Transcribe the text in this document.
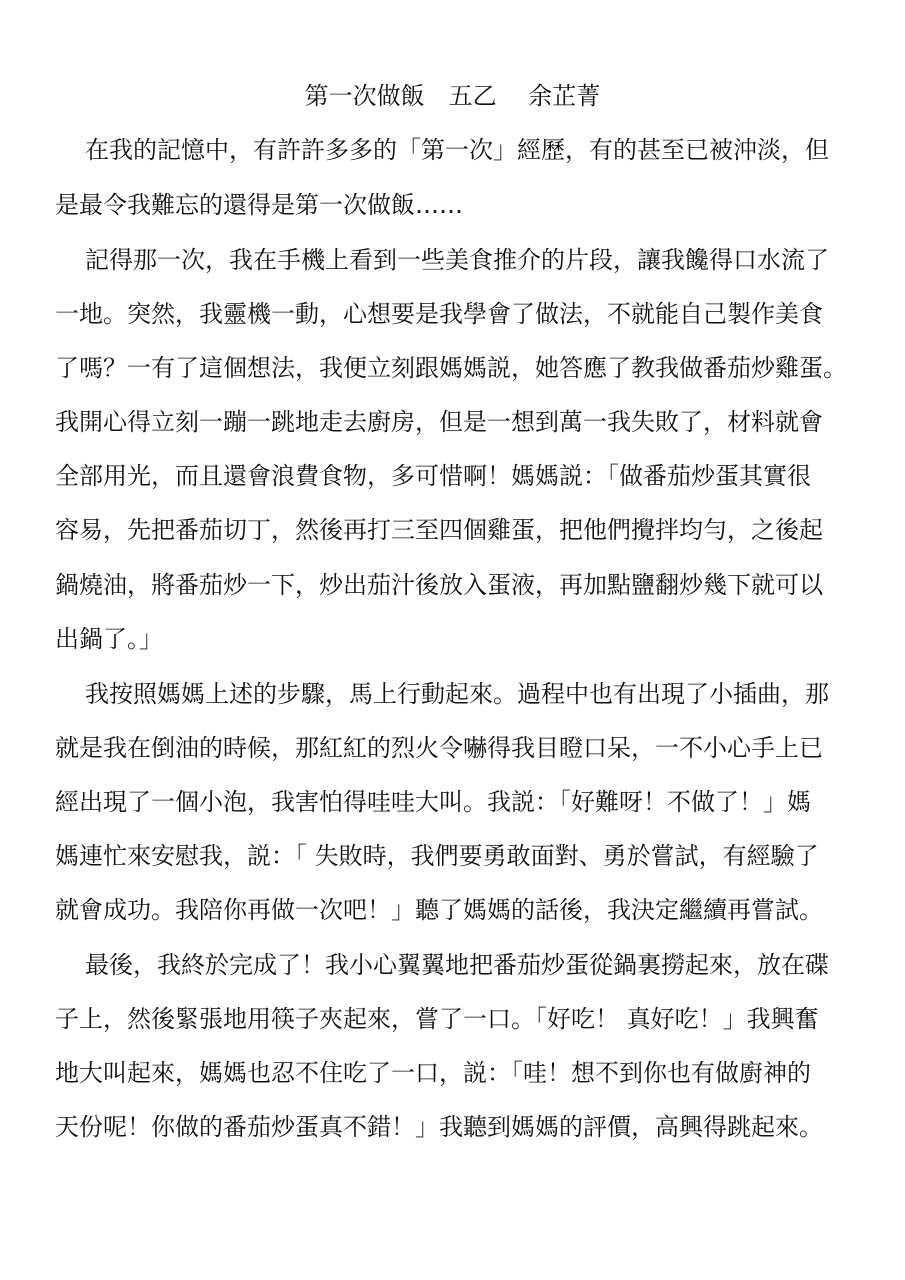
第一次做飯　五乙　 余芷菁
在我的記憶中，有許許多多的「第一次」經歷，有的甚至已被沖淡，但
是最令我難忘的還得是第一次做飯……
記得那一次，我在手機上看到一些美食推介的片段，讓我饞得口水流了
一地。突然，我靈機一動，心想要是我學會了做法，不就能自己製作美食
了嗎？一有了這個想法，我便立刻跟媽媽説，她答應了教我做番茄炒雞蛋。
我開心得立刻一蹦一跳地走去廚房，但是一想到萬一我失敗了，材料就會
全部用光，而且還會浪費食物，多可惜啊！媽媽説：「做番茄炒蛋其實很
容易，先把番茄切丁，然後再打三至四個雞蛋，把他們攪拌均勻，之後起
鍋燒油，將番茄炒一下，炒出茄汁後放入蛋液，再加點鹽翻炒幾下就可以
出鍋了。」
我按照媽媽上述的步驟，馬上行動起來。過程中也有出現了小插曲，那
就是我在倒油的時候，那紅紅的烈火令嚇得我目瞪口呆，一不小心手上已
經出現了一個小泡，我害怕得哇哇大叫。我説：「好難呀！不做了！」媽
媽連忙來安慰我，説：「 失敗時，我們要勇敢面對、勇於嘗試，有經驗了
就會成功。我陪你再做一次吧！」聽了媽媽的話後，我決定繼續再嘗試。
最後，我終於完成了！我小心翼翼地把番茄炒蛋從鍋裏撈起來，放在碟
子上，然後緊張地用筷子夾起來，嘗了一口。「好吃！ 真好吃！」我興奮
地大叫起來，媽媽也忍不住吃了一口，説：「哇！想不到你也有做廚神的
天份呢！你做的番茄炒蛋真不錯！」我聽到媽媽的評價，高興得跳起來。
